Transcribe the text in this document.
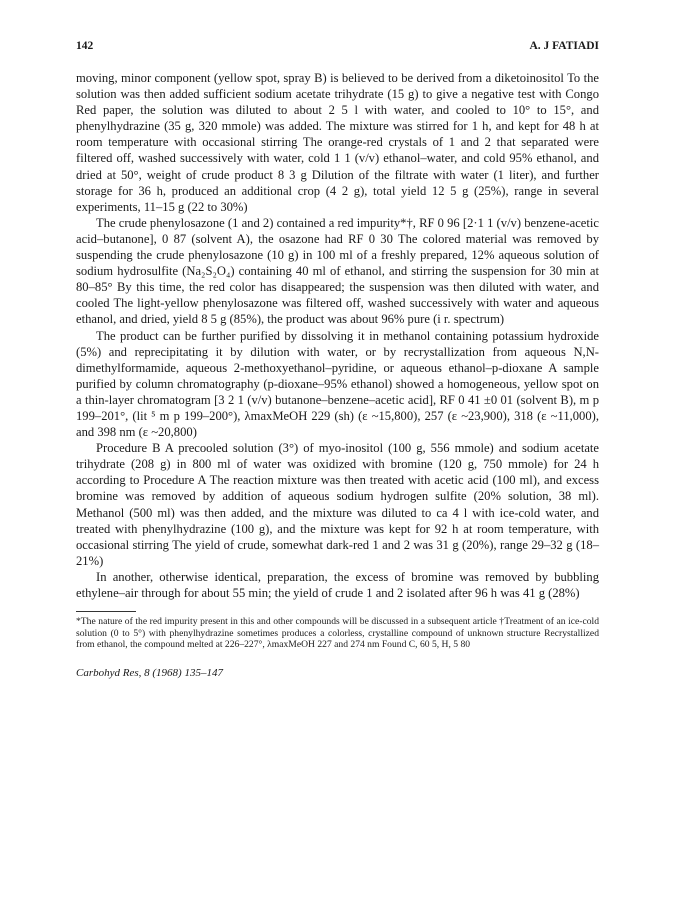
142	A. J FATIADI

moving, minor component (yellow spot, spray B) is believed to be derived from a diketoinositol To the solution was then added sufficient sodium acetate trihydrate (15 g) to give a negative test with Congo Red paper, the solution was diluted to about 2 5 l with water, and cooled to 10° to 15°, and phenylhydrazine (35 g, 320 mmole) was added. The mixture was stirred for 1 h, and kept for 48 h at room temperature with occasional stirring The orange-red crystals of 1 and 2 that separated were filtered off, washed successively with water, cold 1 1 (v/v) ethanol–water, and cold 95% ethanol, and dried at 50°, weight of crude product 8 3 g Dilution of the filtrate with water (1 liter), and further storage for 36 h, produced an additional crop (4 2 g), total yield 12 5 g (25%), range in several experiments, 11–15 g (22 to 30%)

The crude phenylosazone (1 and 2) contained a red impurity*†, RF 0 96 [2·1 1 (v/v) benzene-acetic acid–butanone], 0 87 (solvent A), the osazone had RF 0 30 The colored material was removed by suspending the crude phenylosazone (10 g) in 100 ml of a freshly prepared, 12% aqueous solution of sodium hydrosulfite (Na₂S₂O₄) containing 40 ml of ethanol, and stirring the suspension for 30 min at 80–85° By this time, the red color has disappeared; the suspension was then diluted with water, and cooled The light-yellow phenylosazone was filtered off, washed successively with water and aqueous ethanol, and dried, yield 8 5 g (85%), the product was about 96% pure (i r. spectrum)

The product can be further purified by dissolving it in methanol containing potassium hydroxide (5%) and reprecipitating it by dilution with water, or by recrystallization from aqueous N,N-dimethylformamide, aqueous 2-methoxyethanol–pyridine, or aqueous ethanol–p-dioxane A sample purified by column chromatography (p-dioxane–95% ethanol) showed a homogeneous, yellow spot on a thin-layer chromatogram [3 2 1 (v/v) butanone–benzene–acetic acid], RF 0 41 ±0 01 (solvent B), m p 199–201°, (lit ⁵ m p 199–200°), λmaxMeOH 229 (sh) (ε ~15,800), 257 (ε ~23,900), 318 (ε ~11,000), and 398 nm (ε ~20,800)

Procedure B A precooled solution (3°) of myo-inositol (100 g, 556 mmole) and sodium acetate trihydrate (208 g) in 800 ml of water was oxidized with bromine (120 g, 750 mmole) for 24 h according to Procedure A The reaction mixture was then treated with acetic acid (100 ml), and excess bromine was removed by addition of aqueous sodium hydrogen sulfite (20% solution, 38 ml). Methanol (500 ml) was then added, and the mixture was diluted to ca 4 l with ice-cold water, and treated with phenylhydrazine (100 g), and the mixture was kept for 92 h at room temperature, with occasional stirring The yield of crude, somewhat dark-red 1 and 2 was 31 g (20%), range 29–32 g (18–21%)

In another, otherwise identical, preparation, the excess of bromine was removed by bubbling ethylene–air through for about 55 min; the yield of crude 1 and 2 isolated after 96 h was 41 g (28%)

*The nature of the red impurity present in this and other compounds will be discussed in a subsequent article †Treatment of an ice-cold solution (0 to 5°) with phenylhydrazine sometimes produces a colorless, crystalline compound of unknown structure Recrystallized from ethanol, the compound melted at 226–227°, λmaxMeOH 227 and 274 nm Found C, 60 5, H, 5 80
Carbohyd Res, 8 (1968) 135–147
